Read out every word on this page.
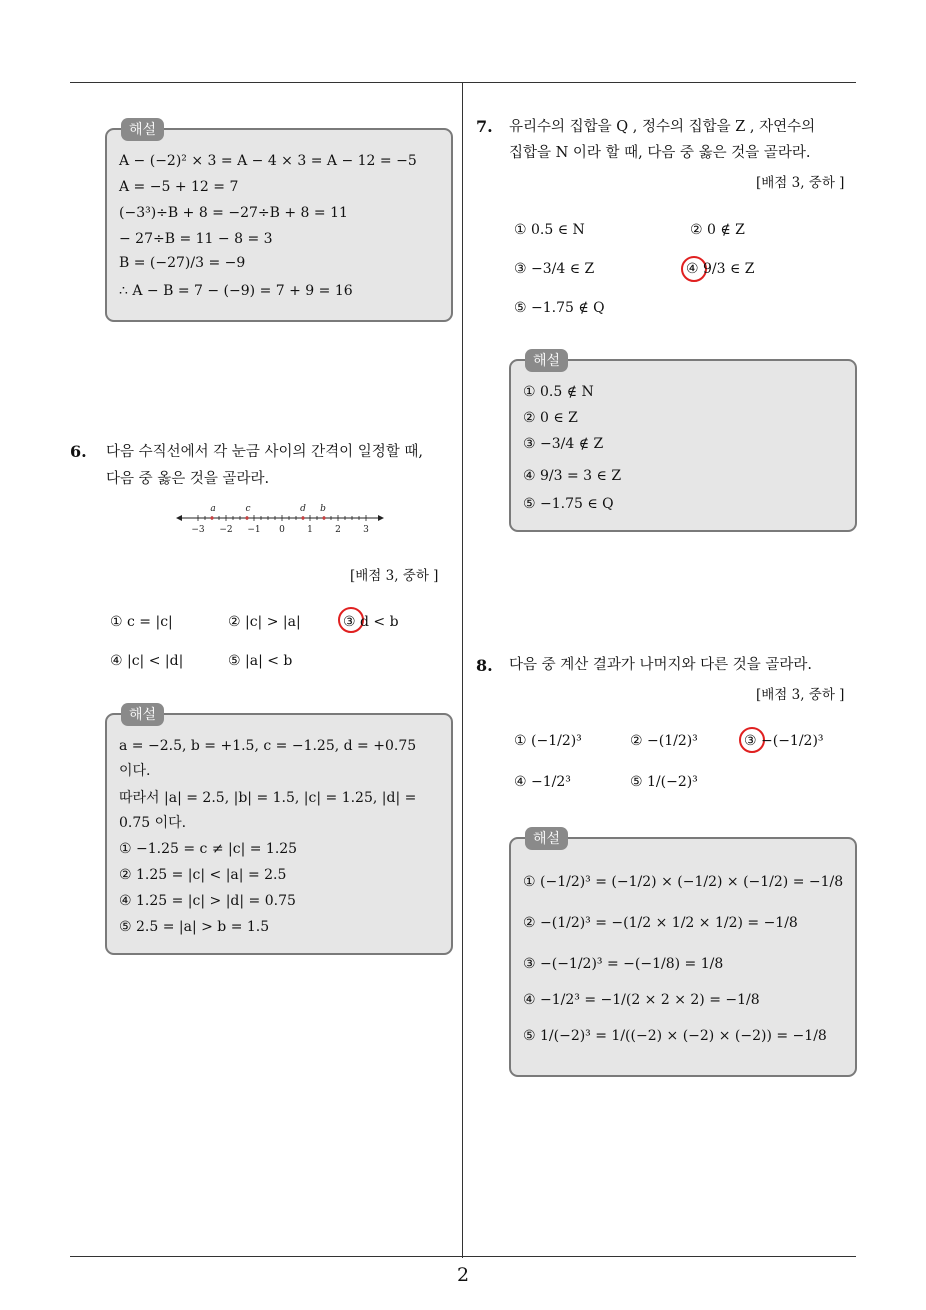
2
해설
A − (−2)² × 3 = A − 4 × 3 = A − 12 = −5
A = −5 + 12 = 7
(−3³)÷B + 8 = −27÷B + 8 = 11
− 27÷B = 11 − 8 = 3
B = (−27)/3 = −9
∴ A − B = 7 − (−9) = 7 + 9 = 16
6. 다음 수직선에서 각 눈금 사이의 간격이 일정할 때,
다음 중 옳은 것을 골라라.
a	c	d b
−3 −2 −1 0 1 2 3
[배점 3, 중하 ]
① c = |c|	② |c| > |a|	③ d < b
④ |c| < |d|	⑤ |a| < b
해설
a = −2.5, b = +1.5, c = −1.25, d = +0.75
이다.
따라서 |a| = 2.5, |b| = 1.5, |c| = 1.25, |d| =
0.75 이다.
① −1.25 = c ≠ |c| = 1.25
② 1.25 = |c| < |a| = 2.5
④ 1.25 = |c| > |d| = 0.75
⑤ 2.5 = |a| > b = 1.5
7. 유리수의 집합을 Q , 정수의 집합을 Z , 자연수의
집합을 N 이라 할 때, 다음 중 옳은 것을 골라라.
[배점 3, 중하 ]
① 0.5 ∈ N	② 0 ∉ Z
③ −3/4 ∈ Z	④ 9/3 ∈ Z
⑤ −1.75 ∉ Q
해설
① 0.5 ∉ N
② 0 ∈ Z
③ −3/4 ∉ Z
④ 9/3 = 3 ∈ Z
⑤ −1.75 ∈ Q
8. 다음 중 계산 결과가 나머지와 다른 것을 골라라.
[배점 3, 중하 ]
① (−1/2)³	② −(1/2)³	③ −(−1/2)³
④ −1/2³	⑤ 1/(−2)³
해설
① (−1/2)³ = (−1/2) × (−1/2) × (−1/2) = −1/8
② −(1/2)³ = −(1/2 × 1/2 × 1/2) = −1/8
③ −(−1/2)³ = −(−1/8) = 1/8
④ −1/2³ = −1/(2 × 2 × 2) = −1/8
⑤ 1/(−2)³ = 1/((−2) × (−2) × (−2)) = −1/8
